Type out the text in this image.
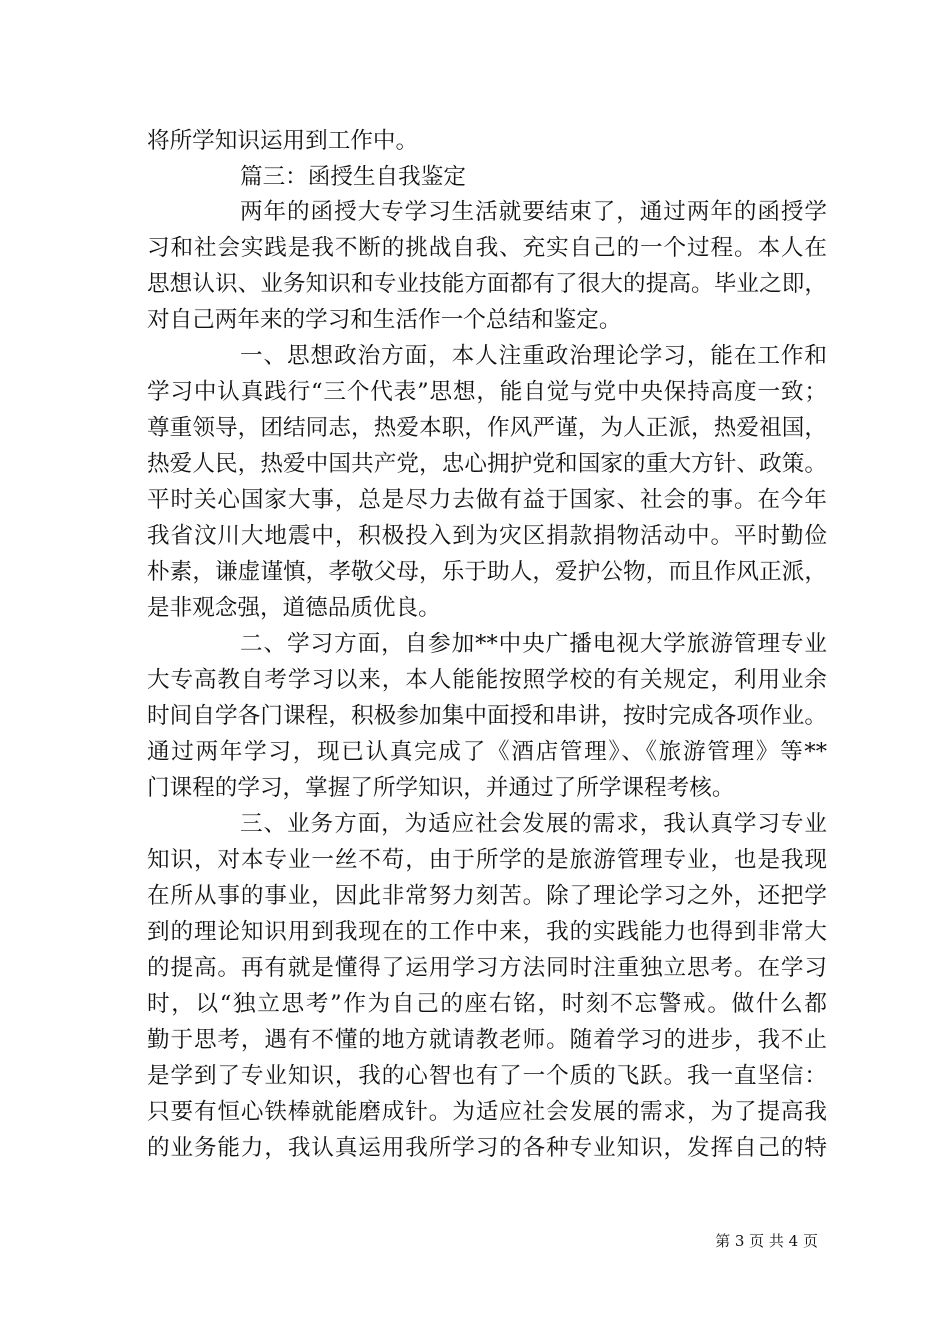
将所学知识运用到工作中。
篇三：函授生自我鉴定
两年的函授大专学习生活就要结束了，通过两年的函授学
习和社会实践是我不断的挑战自我、充实自己的一个过程。本人在
思想认识、业务知识和专业技能方面都有了很大的提高。毕业之即，
对自己两年来的学习和生活作一个总结和鉴定。
一、思想政治方面，本人注重政治理论学习，能在工作和
学习中认真践行“三个代表”思想，能自觉与党中央保持高度一致；
尊重领导，团结同志，热爱本职，作风严谨，为人正派，热爱祖国，
热爱人民，热爱中国共产党，忠心拥护党和国家的重大方针、政策。
平时关心国家大事，总是尽力去做有益于国家、社会的事。在今年
我省汶川大地震中，积极投入到为灾区捐款捐物活动中。平时勤俭
朴素，谦虚谨慎，孝敬父母，乐于助人，爱护公物，而且作风正派，
是非观念强，道德品质优良。
二、学习方面，自参加**中央广播电视大学旅游管理专业
大专高教自考学习以来，本人能能按照学校的有关规定，利用业余
时间自学各门课程，积极参加集中面授和串讲，按时完成各项作业。
通过两年学习，现已认真完成了《酒店管理》、《旅游管理》等**
门课程的学习，掌握了所学知识，并通过了所学课程考核。
三、业务方面，为适应社会发展的需求，我认真学习专业
知识，对本专业一丝不苟，由于所学的是旅游管理专业，也是我现
在所从事的事业，因此非常努力刻苦。除了理论学习之外，还把学
到的理论知识用到我现在的工作中来，我的实践能力也得到非常大
的提高。再有就是懂得了运用学习方法同时注重独立思考。在学习
时，以“独立思考”作为自己的座右铭，时刻不忘警戒。做什么都
勤于思考，遇有不懂的地方就请教老师。随着学习的进步，我不止
是学到了专业知识，我的心智也有了一个质的飞跃。我一直坚信：
只要有恒心铁棒就能磨成针。为适应社会发展的需求，为了提高我
的业务能力，我认真运用我所学习的各种专业知识，发挥自己的特
第 3 页 共 4 页
